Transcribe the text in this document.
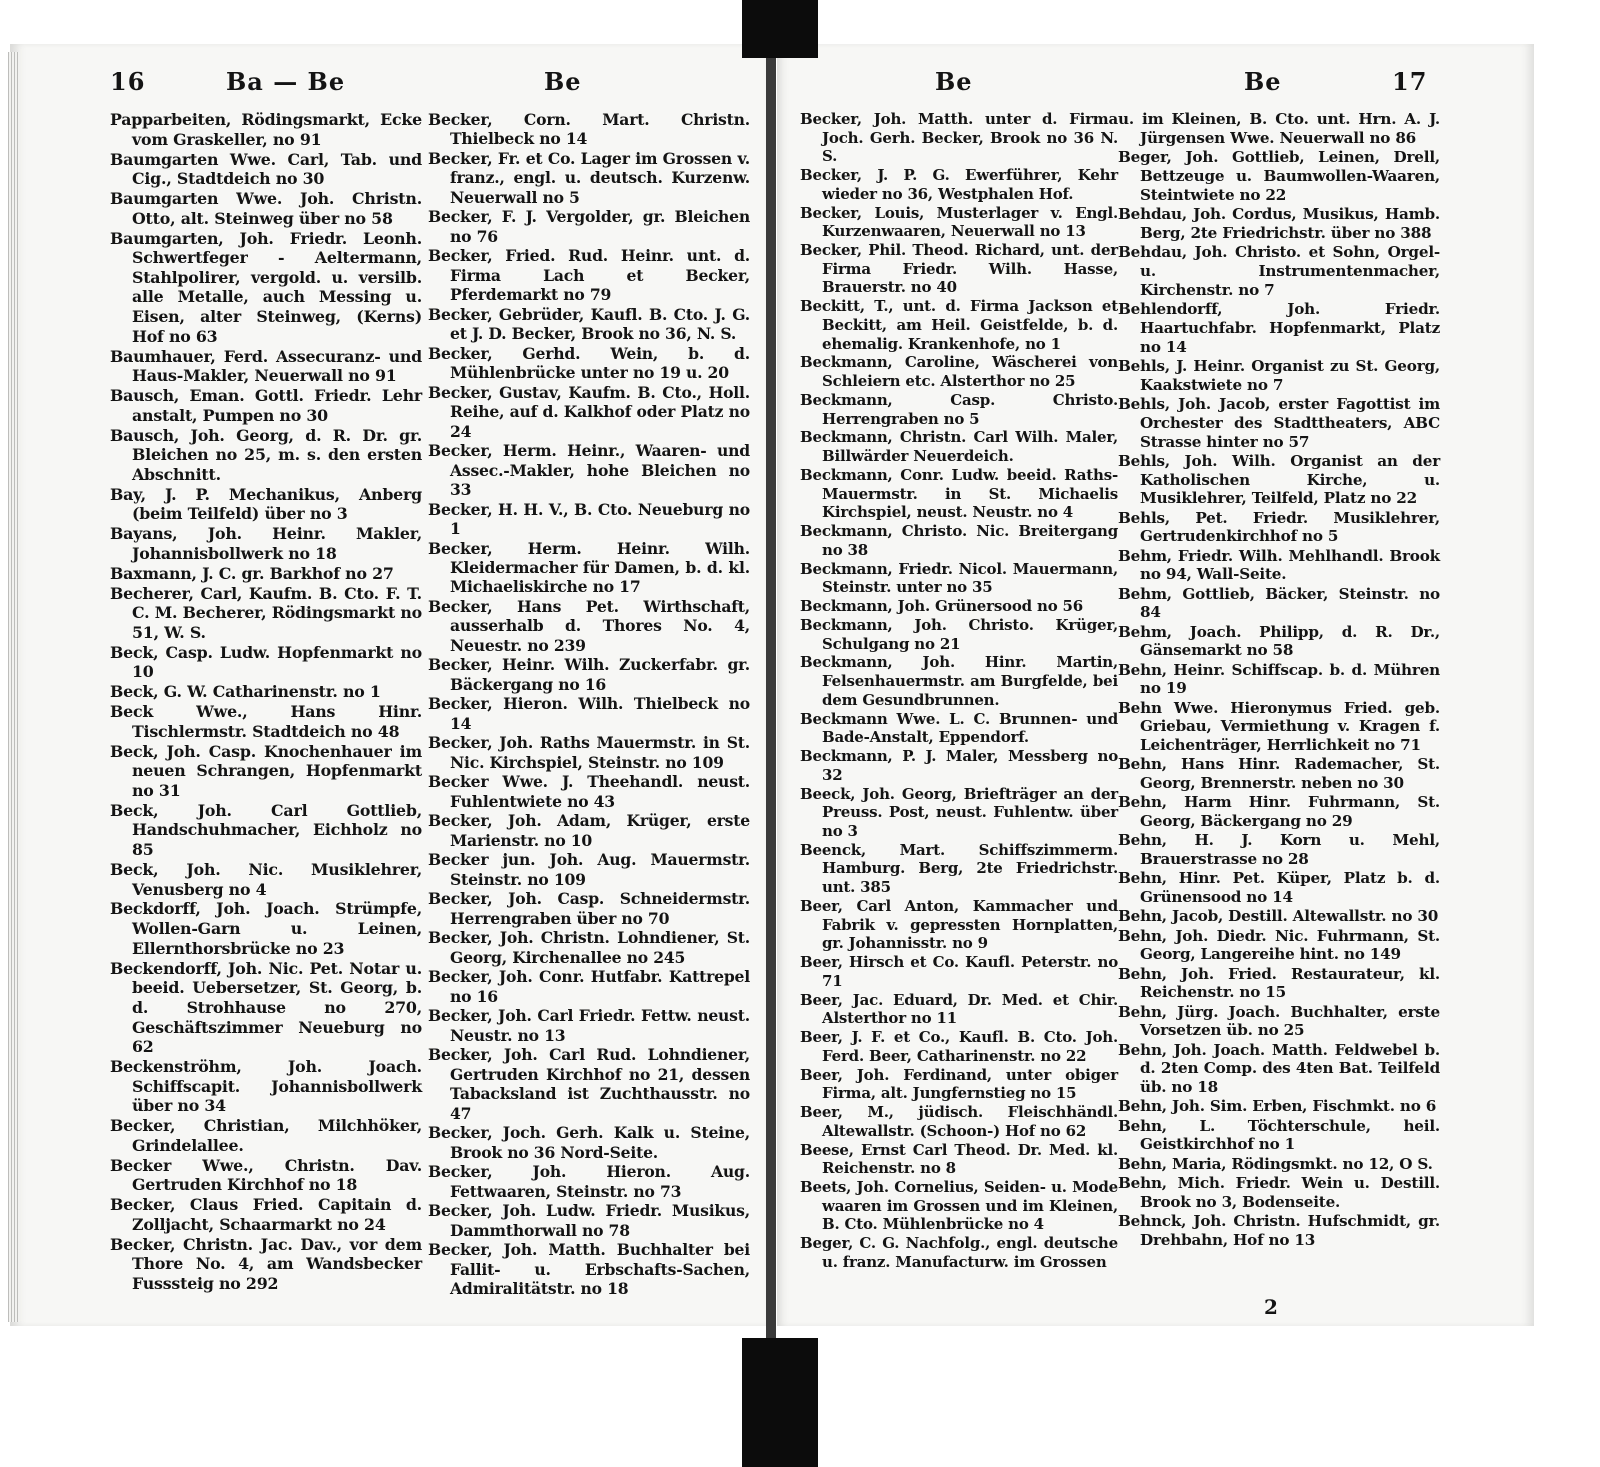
16	Ba — Be	Be	Be	Be	17

Papparbeiten, Rödingsmarkt, Ecke vom Graskeller, no 91

Baumgarten Wwe. Carl, Tab. und Cig., Stadtdeich no 30

Baumgarten Wwe. Joh. Christn. Otto, alt. Steinweg über no 58

Baumgarten, Joh. Friedr. Leonh. Schwertfeger - Aeltermann, Stahlpolirer, vergold. u. versilb. alle Metalle, auch Messing u. Eisen, alter Steinweg, (Kerns) Hof no 63

Baumhauer, Ferd. Assecuranz- und Haus-Makler, Neuerwall no 91

Bausch, Eman. Gottl. Friedr. Lehr anstalt, Pumpen no 30

Bausch, Joh. Georg, d. R. Dr. gr. Bleichen no 25, m. s. den ersten Abschnitt.

Bay, J. P. Mechanikus, Anberg (beim Teilfeld) über no 3

Bayans, Joh. Heinr. Makler, Johannisbollwerk no 18

Baxmann, J. C. gr. Barkhof no 27

Becherer, Carl, Kaufm. B. Cto. F. T. C. M. Becherer, Rödingsmarkt no 51, W. S.

Beck, Casp. Ludw. Hopfenmarkt no 10

Beck, G. W. Catharinenstr. no 1

Beck Wwe., Hans Hinr. Tischlermstr. Stadtdeich no 48

Beck, Joh. Casp. Knochenhauer im neuen Schrangen, Hopfenmarkt no 31

Beck, Joh. Carl Gottlieb, Handschuhmacher, Eichholz no 85

Beck, Joh. Nic. Musiklehrer, Venusberg no 4

Beckdorff, Joh. Joach. Strümpfe, Wollen-Garn u. Leinen, Ellernthorsbrücke no 23

Beckendorff, Joh. Nic. Pet. Notar u. beeid. Uebersetzer, St. Georg, b. d. Strohhause no 270, Geschäftszimmer Neueburg no 62

Beckenströhm, Joh. Joach. Schiffscapit. Johannisbollwerk über no 34

Becker, Christian, Milchhöker, Grindelallee.

Becker Wwe., Christn. Dav. Gertruden Kirchhof no 18

Becker, Claus Fried. Capitain d. Zolljacht, Schaarmarkt no 24

Becker, Christn. Jac. Dav., vor dem Thore No. 4, am Wandsbecker Fusssteig no 292

Becker, Corn. Mart. Christn. Thielbeck no 14

Becker, Fr. et Co. Lager im Grossen v. franz., engl. u. deutsch. Kurzenw. Neuerwall no 5

Becker, F. J. Vergolder, gr. Bleichen no 76

Becker, Fried. Rud. Heinr. unt. d. Firma Lach et Becker, Pferdemarkt no 79

Becker, Gebrüder, Kaufl. B. Cto. J. G. et J. D. Becker, Brook no 36, N. S.

Becker, Gerhd. Wein, b. d. Mühlenbrücke unter no 19 u. 20

Becker, Gustav, Kaufm. B. Cto., Holl. Reihe, auf d. Kalkhof oder Platz no 24

Becker, Herm. Heinr., Waaren- und Assec.-Makler, hohe Bleichen no 33

Becker, H. H. V., B. Cto. Neueburg no 1

Becker, Herm. Heinr. Wilh. Kleidermacher für Damen, b. d. kl. Michaeliskirche no 17

Becker, Hans Pet. Wirthschaft, ausserhalb d. Thores No. 4, Neuestr. no 239

Becker, Heinr. Wilh. Zuckerfabr. gr. Bäckergang no 16

Becker, Hieron. Wilh. Thielbeck no 14

Becker, Joh. Raths Mauermstr. in St. Nic. Kirchspiel, Steinstr. no 109

Becker Wwe. J. Theehandl. neust. Fuhlentwiete no 43

Becker, Joh. Adam, Krüger, erste Marienstr. no 10

Becker jun. Joh. Aug. Mauermstr. Steinstr. no 109

Becker, Joh. Casp. Schneidermstr. Herrengraben über no 70

Becker, Joh. Christn. Lohndiener, St. Georg, Kirchenallee no 245

Becker, Joh. Conr. Hutfabr. Kattrepel no 16

Becker, Joh. Carl Friedr. Fettw. neust. Neustr. no 13

Becker, Joh. Carl Rud. Lohndiener, Gertruden Kirchhof no 21, dessen Tabacksland ist Zuchthausstr. no 47

Becker, Joch. Gerh. Kalk u. Steine, Brook no 36 Nord-Seite.

Becker, Joh. Hieron. Aug. Fettwaaren, Steinstr. no 73

Becker, Joh. Ludw. Friedr. Musikus, Dammthorwall no 78

Becker, Joh. Matth. Buchhalter bei Fallit- u. Erbschafts-Sachen, Admiralitätstr. no 18

Becker, Joh. Matth. unter d. Firma Joch. Gerh. Becker, Brook no 36 N. S.

Becker, J. P. G. Ewerführer, Kehr wieder no 36, Westphalen Hof.

Becker, Louis, Musterlager v. Engl. Kurzenwaaren, Neuerwall no 13

Becker, Phil. Theod. Richard, unt. der Firma Friedr. Wilh. Hasse, Brauerstr. no 40

Beckitt, T., unt. d. Firma Jackson et Beckitt, am Heil. Geistfelde, b. d. ehemalig. Krankenhofe, no 1

Beckmann, Caroline, Wäscherei von Schleiern etc. Alsterthor no 25

Beckmann, Casp. Christo. Herrengraben no 5

Beckmann, Christn. Carl Wilh. Maler, Billwärder Neuerdeich.

Beckmann, Conr. Ludw. beeid. Raths-Mauermstr. in St. Michaelis Kirchspiel, neust. Neustr. no 4

Beckmann, Christo. Nic. Breitergang no 38

Beckmann, Friedr. Nicol. Mauermann, Steinstr. unter no 35

Beckmann, Joh. Grünersood no 56

Beckmann, Joh. Christo. Krüger, Schulgang no 21

Beckmann, Joh. Hinr. Martin, Felsenhauermstr. am Burgfelde, bei dem Gesundbrunnen.

Beckmann Wwe. L. C. Brunnen- und Bade-Anstalt, Eppendorf.

Beckmann, P. J. Maler, Messberg no 32

Beeck, Joh. Georg, Briefträger an der Preuss. Post, neust. Fuhlentw. über no 3

Beenck, Mart. Schiffszimmerm. Hamburg. Berg, 2te Friedrichstr. unt. 385

Beer, Carl Anton, Kammacher und Fabrik v. gepressten Hornplatten, gr. Johannisstr. no 9

Beer, Hirsch et Co. Kaufl. Peterstr. no 71

Beer, Jac. Eduard, Dr. Med. et Chir. Alsterthor no 11

Beer, J. F. et Co., Kaufl. B. Cto. Joh. Ferd. Beer, Catharinenstr. no 22

Beer, Joh. Ferdinand, unter obiger Firma, alt. Jungfernstieg no 15

Beer, M., jüdisch. Fleischhändl. Altewallstr. (Schoon-) Hof no 62

Beese, Ernst Carl Theod. Dr. Med. kl. Reichenstr. no 8

Beets, Joh. Cornelius, Seiden- u. Mode waaren im Grossen und im Kleinen, B. Cto. Mühlenbrücke no 4

Beger, C. G. Nachfolg., engl. deutsche u. franz. Manufacturw. im Grossen

u. im Kleinen, B. Cto. unt. Hrn. A. J. Jürgensen Wwe. Neuerwall no 86

Beger, Joh. Gottlieb, Leinen, Drell, Bettzeuge u. Baumwollen-Waaren, Steintwiete no 22

Behdau, Joh. Cordus, Musikus, Hamb. Berg, 2te Friedrichstr. über no 388

Behdau, Joh. Christo. et Sohn, Orgel- u. Instrumentenmacher, Kirchenstr. no 7

Behlendorff, Joh. Friedr. Haartuchfabr. Hopfenmarkt, Platz no 14

Behls, J. Heinr. Organist zu St. Georg, Kaakstwiete no 7

Behls, Joh. Jacob, erster Fagottist im Orchester des Stadttheaters, ABC Strasse hinter no 57

Behls, Joh. Wilh. Organist an der Katholischen Kirche, u. Musiklehrer, Teilfeld, Platz no 22

Behls, Pet. Friedr. Musiklehrer, Gertrudenkirchhof no 5

Behm, Friedr. Wilh. Mehlhandl. Brook no 94, Wall-Seite.

Behm, Gottlieb, Bäcker, Steinstr. no 84

Behm, Joach. Philipp, d. R. Dr., Gänsemarkt no 58

Behn, Heinr. Schiffscap. b. d. Mühren no 19

Behn Wwe. Hieronymus Fried. geb. Griebau, Vermiethung v. Kragen f. Leichenträger, Herrlichkeit no 71

Behn, Hans Hinr. Rademacher, St. Georg, Brennerstr. neben no 30

Behn, Harm Hinr. Fuhrmann, St. Georg, Bäckergang no 29

Behn, H. J. Korn u. Mehl, Brauerstrasse no 28

Behn, Hinr. Pet. Küper, Platz b. d. Grünensood no 14

Behn, Jacob, Destill. Altewallstr. no 30

Behn, Joh. Diedr. Nic. Fuhrmann, St. Georg, Langereihe hint. no 149

Behn, Joh. Fried. Restaurateur, kl. Reichenstr. no 15

Behn, Jürg. Joach. Buchhalter, erste Vorsetzen üb. no 25

Behn, Joh. Joach. Matth. Feldwebel b. d. 2ten Comp. des 4ten Bat. Teilfeld üb. no 18

Behn, Joh. Sim. Erben, Fischmkt. no 6

Behn, L. Töchterschule, heil. Geistkirchhof no 1

Behn, Maria, Rödingsmkt. no 12, O S.

Behn, Mich. Friedr. Wein u. Destill. Brook no 3, Bodenseite.

Behnck, Joh. Christn. Hufschmidt, gr. Drehbahn, Hof no 13

2
